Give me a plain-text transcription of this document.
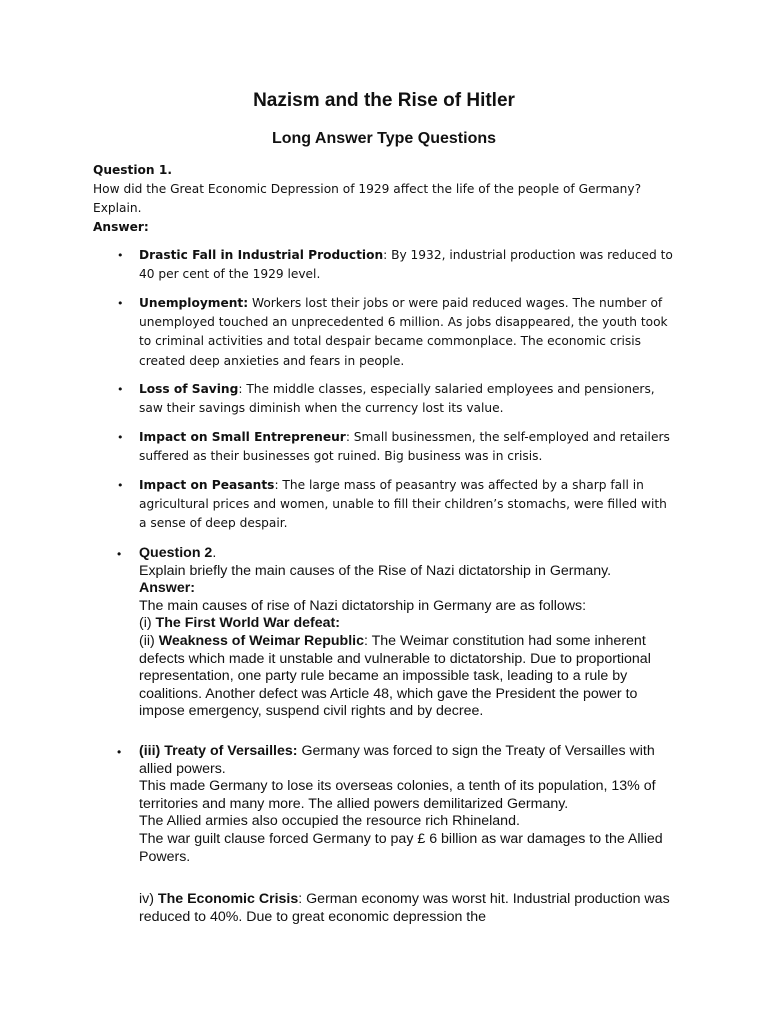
Nazism and the Rise of Hitler
Long Answer Type Questions
Question 1.
How did the Great Economic Depression of 1929 affect the life of the people of Germany? Explain.
Answer:
• Drastic Fall in Industrial Production: By 1932, industrial production was reduced to 40 per cent of the 1929 level.
• Unemployment: Workers lost their jobs or were paid reduced wages. The number of unemployed touched an unprecedented 6 million. As jobs disappeared, the youth took to criminal activities and total despair became commonplace. The economic crisis created deep anxieties and fears in people.
• Loss of Saving: The middle classes, especially salaried employees and pensioners, saw their savings diminish when the currency lost its value.
• Impact on Small Entrepreneur: Small businessmen, the self-employed and retailers suffered as their businesses got ruined. Big business was in crisis.
• Impact on Peasants: The large mass of peasantry was affected by a sharp fall in agricultural prices and women, unable to fill their children’s stomachs, were filled with a sense of deep despair.
• Question 2.
Explain briefly the main causes of the Rise of Nazi dictatorship in Germany.
Answer:
The main causes of rise of Nazi dictatorship in Germany are as follows:
(i) The First World War defeat:
(ii) Weakness of Weimar Republic: The Weimar constitution had some inherent defects which made it unstable and vulnerable to dictatorship. Due to proportional representation, one party rule became an impossible task, leading to a rule by coalitions. Another defect was Article 48, which gave the President the power to impose emergency, suspend civil rights and by decree.
• (iii) Treaty of Versailles: Germany was forced to sign the Treaty of Versailles with allied powers.
This made Germany to lose its overseas colonies, a tenth of its population, 13% of territories and many more. The allied powers demilitarized Germany.
The Allied armies also occupied the resource rich Rhineland.
The war guilt clause forced Germany to pay £ 6 billion as war damages to the Allied Powers.
iv) The Economic Crisis: German economy was worst hit. Industrial production was reduced to 40%. Due to great economic depression the
